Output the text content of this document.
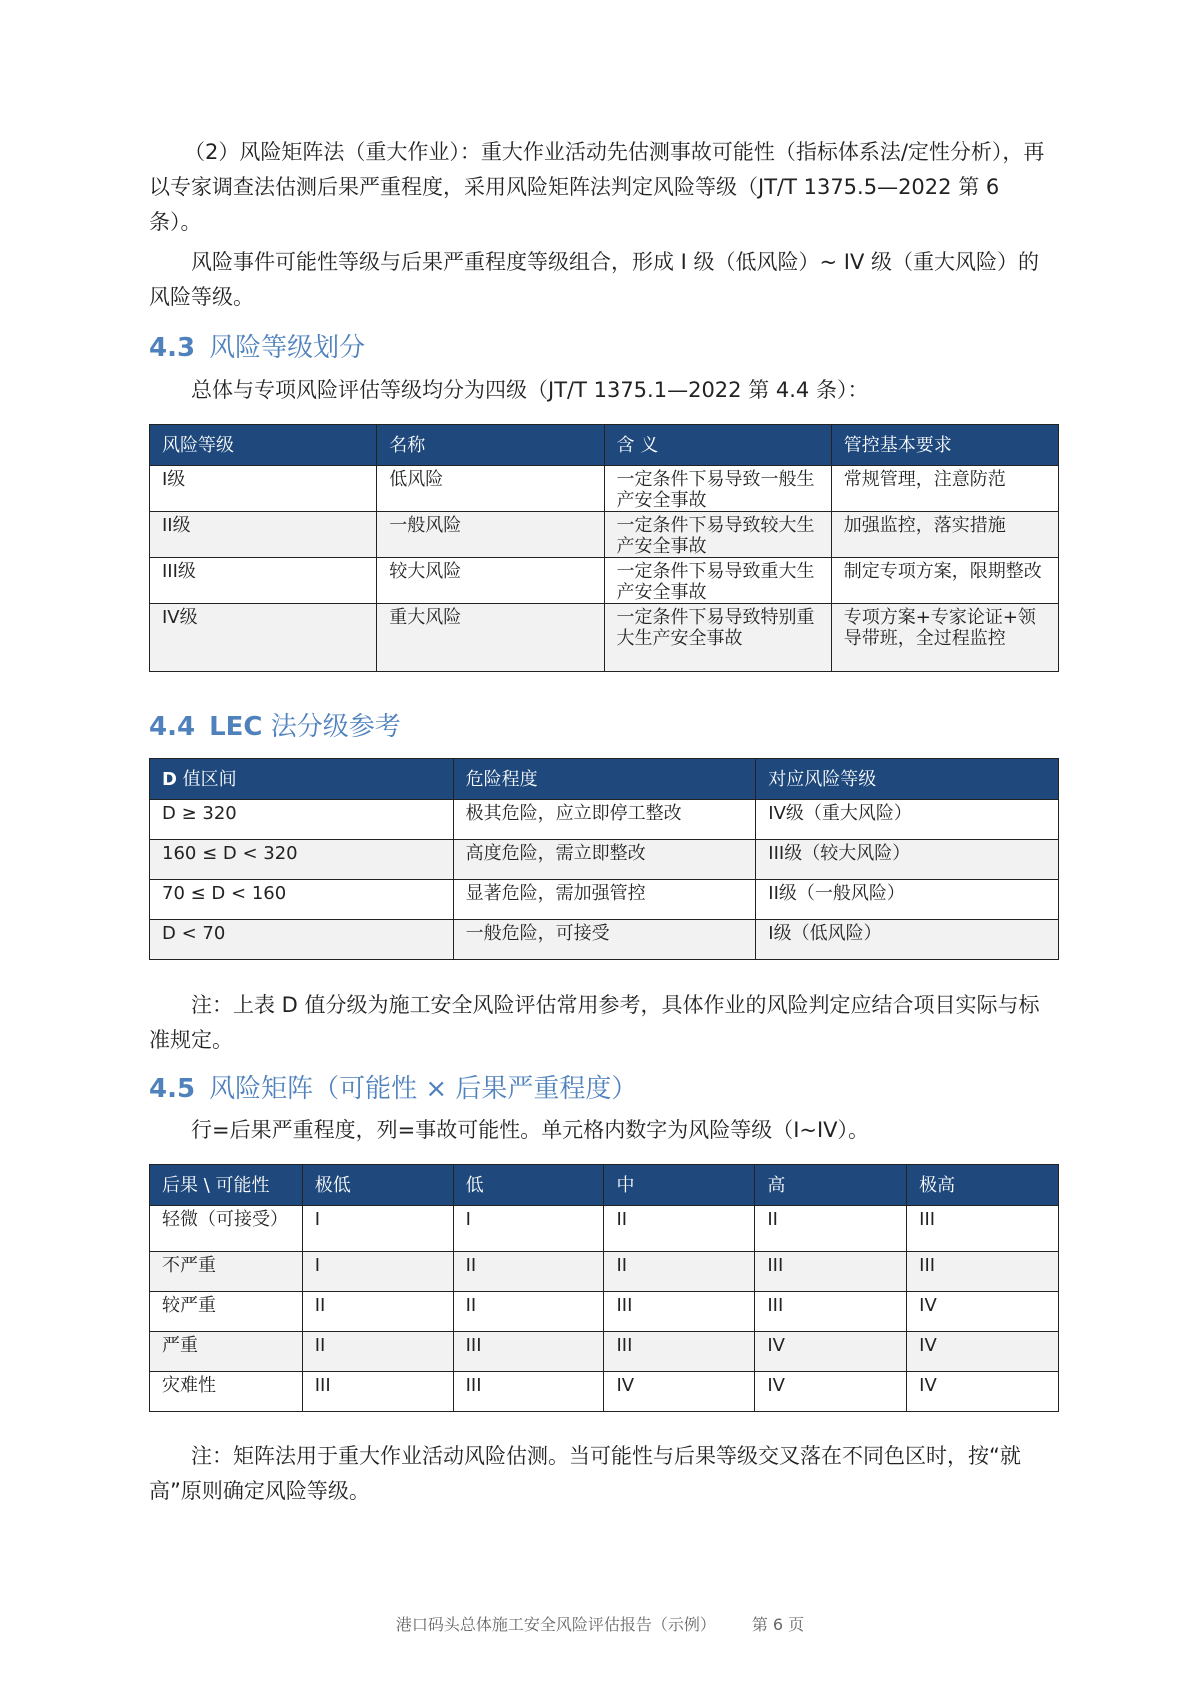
（2）风险矩阵法（重大作业）：重大作业活动先估测事故可能性（指标体系法/定性分析），再以专家调查法估测后果严重程度，采用风险矩阵法判定风险等级（JT/T 1375.5—2022 第 6 条）。

风险事件可能性等级与后果严重程度等级组合，形成 I 级（低风险）~ IV 级（重大风险）的风险等级。

4.3 风险等级划分

总体与专项风险评估等级均分为四级（JT/T 1375.1—2022 第 4.4 条）：

风险等级	名称	含 义	管控基本要求
I级	低风险	一定条件下易导致一般生产安全事故	常规管理，注意防范
II级	一般风险	一定条件下易导致较大生产安全事故	加强监控，落实措施
III级	较大风险	一定条件下易导致重大生产安全事故	制定专项方案，限期整改
IV级	重大风险	一定条件下易导致特别重大生产安全事故	专项方案+专家论证+领导带班，全过程监控
4.4 LEC 法分级参考
D 值区间	危险程度	对应风险等级
D ≥ 320	极其危险，应立即停工整改	IV级（重大风险）
160 ≤ D < 320	高度危险，需立即整改	III级（较大风险）
70 ≤ D < 160	显著危险，需加强管控	II级（一般风险）
D < 70	一般危险，可接受	I级（低风险）

注：上表 D 值分级为施工安全风险评估常用参考，具体作业的风险判定应结合项目实际与标准规定。

4.5 风险矩阵（可能性 × 后果严重程度）

行=后果严重程度，列=事故可能性。单元格内数字为风险等级（I~IV）。

后果 \ 可能性	极低	低	中	高	极高
轻微（可接受）	I	I	II	II	III
不严重	I	II	II	III	III
较严重	II	II	III	III	IV
严重	II	III	III	IV	IV
灾难性	III	III	IV	IV	IV

注：矩阵法用于重大作业活动风险估测。当可能性与后果等级交叉落在不同色区时，按“就高”原则确定风险等级。

港口码头总体施工安全风险评估报告（示例） 第 6 页
